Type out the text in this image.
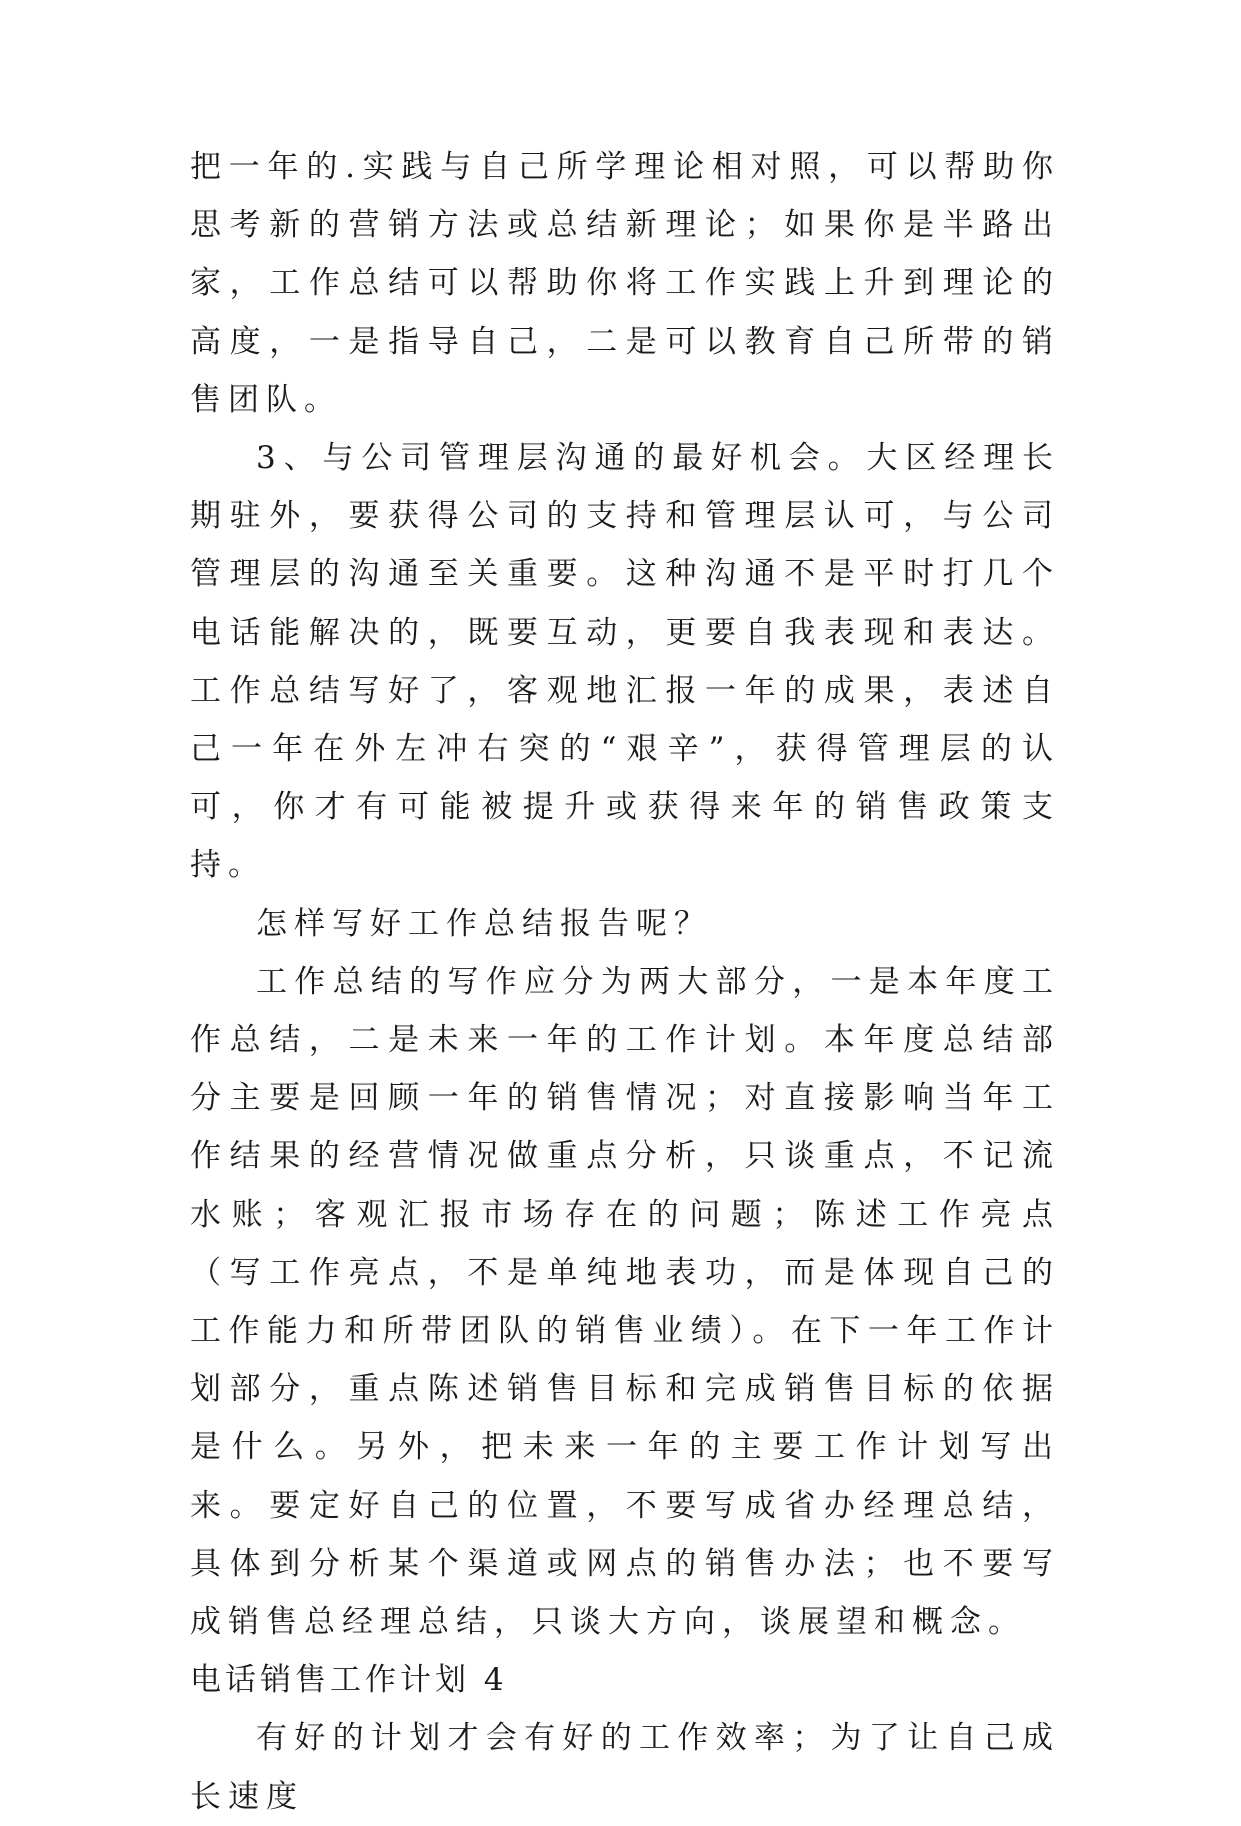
把一年的.实践与自己所学理论相对照，可以帮助你思考新的营销方法或总结新理论；如果你是半路出家，工作总结可以帮助你将工作实践上升到理论的高度，一是指导自己，二是可以教育自己所带的销售团队。

3、与公司管理层沟通的最好机会。大区经理长期驻外，要获得公司的支持和管理层认可，与公司管理层的沟通至关重要。这种沟通不是平时打几个电话能解决的，既要互动，更要自我表现和表达。工作总结写好了，客观地汇报一年的成果，表述自己一年在外左冲右突的“艰辛”，获得管理层的认可，你才有可能被提升或获得来年的销售政策支持。

怎样写好工作总结报告呢？

工作总结的写作应分为两大部分，一是本年度工作总结，二是未来一年的工作计划。本年度总结部分主要是回顾一年的销售情况；对直接影响当年工作结果的经营情况做重点分析，只谈重点，不记流水账；客观汇报市场存在的问题；陈述工作亮点（写工作亮点，不是单纯地表功，而是体现自己的工作能力和所带团队的销售业绩）。在下一年工作计划部分，重点陈述销售目标和完成销售目标的依据是什么。另外，把未来一年的主要工作计划写出来。要定好自己的位置，不要写成省办经理总结，具体到分析某个渠道或网点的销售办法；也不要写成销售总经理总结，只谈大方向，谈展望和概念。

电话销售工作计划 4

有好的计划才会有好的工作效率；为了让自己成长速度
